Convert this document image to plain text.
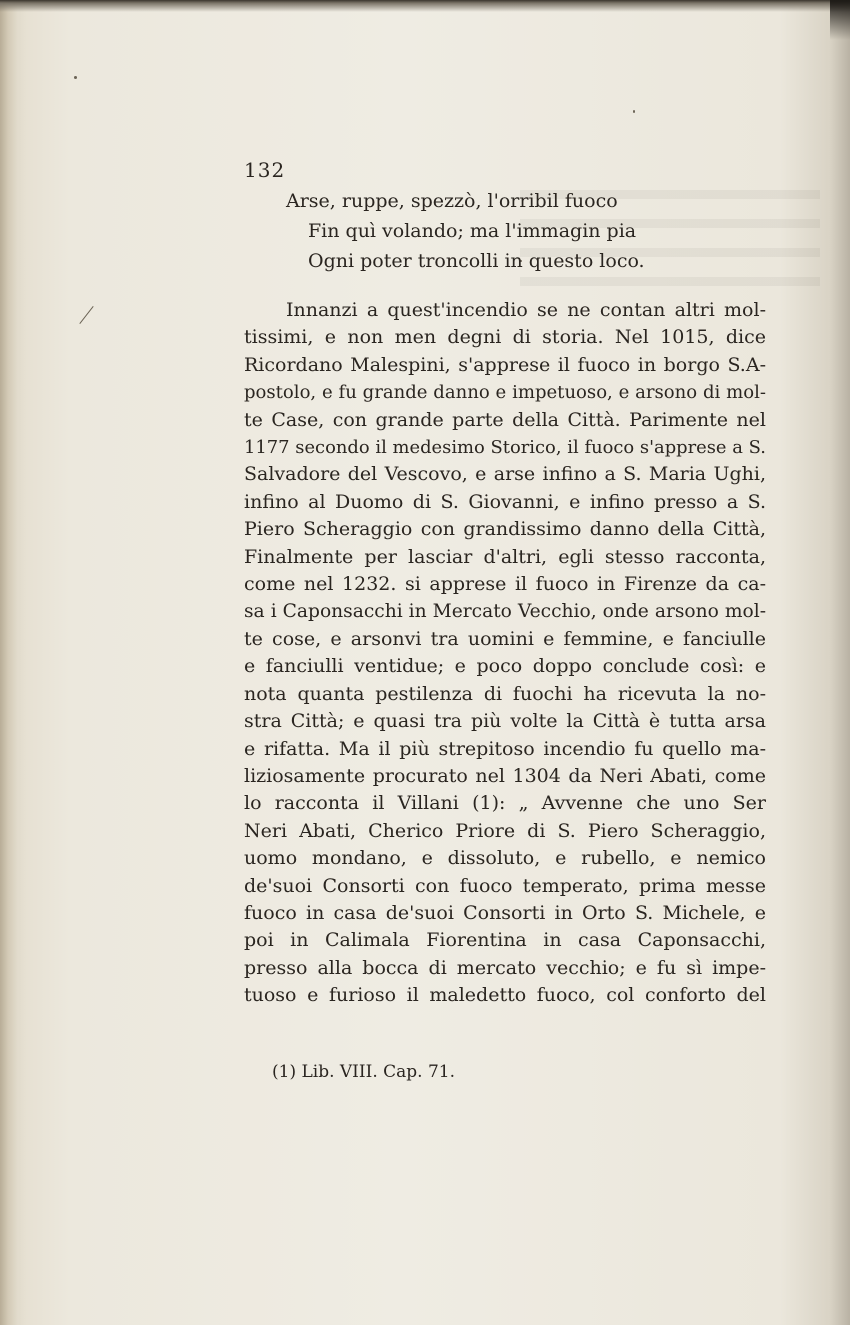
132

Arse, ruppe, spezzò, l'orribil fuoco
Fin quì volando; ma l'immagin pia
Ogni poter troncolli in questo loco.
Innanzi a quest'incendio se ne contan altri mol-
tissimi, e non men degni di storia. Nel 1015, dice
Ricordano Malespini, s'apprese il fuoco in borgo S.A-
postolo, e fu grande danno e impetuoso, e arsono di mol-
te Case, con grande parte della Città. Parimente nel
1177 secondo il medesimo Storico, il fuoco s'apprese a S.
Salvadore del Vescovo, e arse infino a S. Maria Ughi,
infino al Duomo di S. Giovanni, e infino presso a S.
Piero Scheraggio con grandissimo danno della Città,
Finalmente per lasciar d'altri, egli stesso racconta,
come nel 1232. si apprese il fuoco in Firenze da ca-
sa i Caponsacchi in Mercato Vecchio, onde arsono mol-
te cose, e arsonvi tra uomini e femmine, e fanciulle
e fanciulli ventidue; e poco doppo conclude così: e
nota quanta pestilenza di fuochi ha ricevuta la no-
stra Città; e quasi tra più volte la Città è tutta arsa
e rifatta. Ma il più strepitoso incendio fu quello ma-
liziosamente procurato nel 1304 da Neri Abati, come
lo racconta il Villani (1): „ Avvenne che uno Ser
Neri Abati, Cherico Priore di S. Piero Scheraggio,
uomo mondano, e dissoluto, e rubello, e nemico
de'suoi Consorti con fuoco temperato, prima messe
fuoco in casa de'suoi Consorti in Orto S. Michele, e
poi in Calimala Fiorentina in casa Caponsacchi,
presso alla bocca di mercato vecchio; e fu sì impe-
tuoso e furioso il maledetto fuoco, col conforto del

(1) Lib. VIII. Cap. 71.
